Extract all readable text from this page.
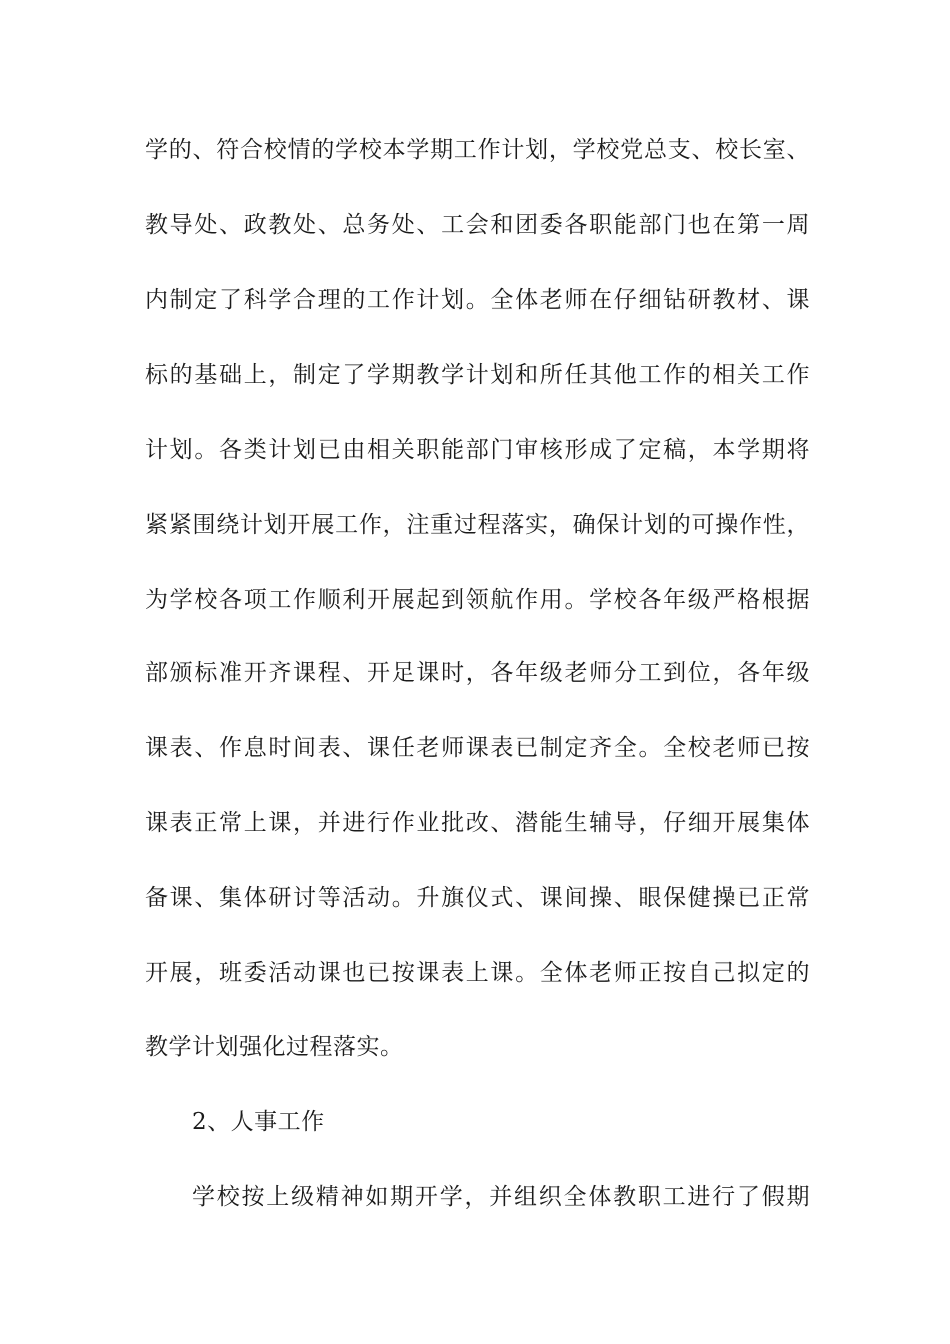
学的、符合校情的学校本学期工作计划，学校党总支、校长室、
教导处、政教处、总务处、工会和团委各职能部门也在第一周
内制定了科学合理的工作计划。全体老师在仔细钻研教材、课
标的基础上，制定了学期教学计划和所任其他工作的相关工作
计划。各类计划已由相关职能部门审核形成了定稿，本学期将
紧紧围绕计划开展工作，注重过程落实，确保计划的可操作性，
为学校各项工作顺利开展起到领航作用。学校各年级严格根据
部颁标准开齐课程、开足课时，各年级老师分工到位，各年级
课表、作息时间表、课任老师课表已制定齐全。全校老师已按
课表正常上课，并进行作业批改、潜能生辅导，仔细开展集体
备课、集体研讨等活动。升旗仪式、课间操、眼保健操已正常
开展，班委活动课也已按课表上课。全体老师正按自己拟定的
教学计划强化过程落实。
2、人事工作
学校按上级精神如期开学，并组织全体教职工进行了假期
